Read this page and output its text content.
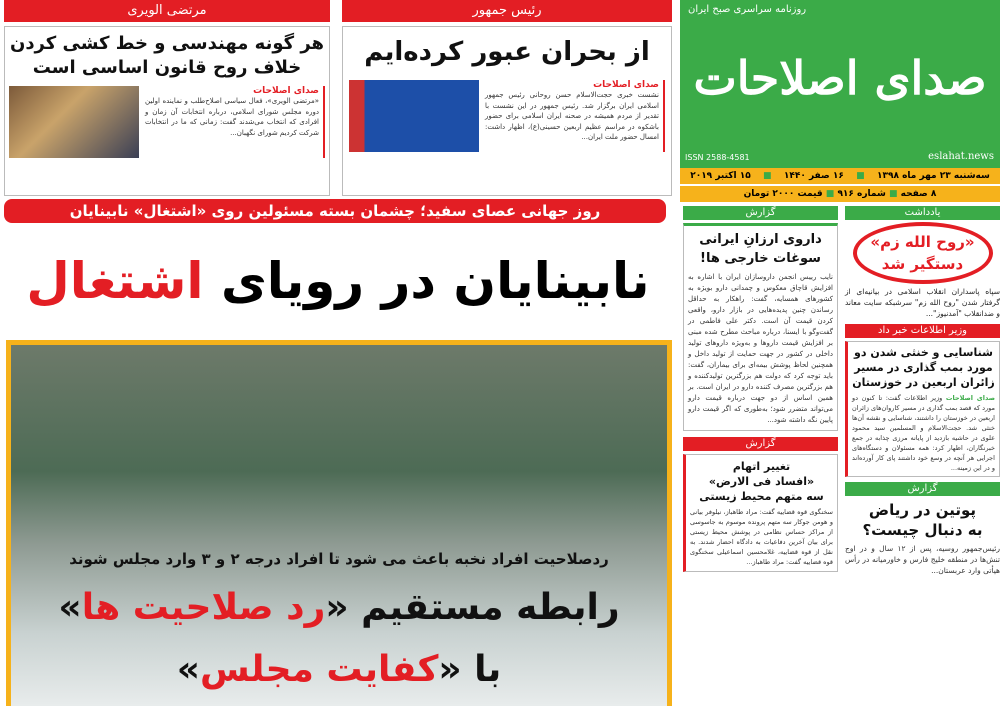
مرتضی الویری
هر گونه مهندسی و خط کشی کردن
خلاف روح قانون اساسی است
صدای اصلاحات
«مرتضی الویری»، فعال سیاسی اصلاح‌طلب و نماینده اولین دوره مجلس شورای اسلامی، درباره انتخابات آن زمان و افرادی که انتخاب می‌شدند گفت: زمانی که ما در انتخابات شرکت کردیم شورای نگهبان...
رئیس جمهور
از بحران عبور کرده‌ایم
صدای اصلاحات
نشست خبری حجت‌الاسلام حسن روحانی رئیس جمهور اسلامی ایران برگزار شد. رئیس جمهور در این نشست با تقدیر از مردم همیشه در صحنه ایران اسلامی برای حضور باشکوه در مراسم عظیم اربعین حسینی(ع)، اظهار داشت: امسال حضور ملت ایران...
روز جهانی عصای سفید؛ چشمان بسته مسئولین روی «اشتغال» نابینایان
نابینایان در رویای اشتغال
ردصلاحیت افراد نخبه باعث می شود تا افراد درجه ۲ و ۳ وارد مجلس شوند
رابطه مستقیم «رد صلاحیت ها»
با «کفایت مجلس»
روزنامه سراسری صبح ایران
صدای اصلاحات
ISSN 2588-4581	eslahat.news
سه‌شنبه ۲۳ مهر ماه ۱۳۹۸
■
۱۶ صفر ۱۴۴۰
■
۱۵ اکتبر ۲۰۱۹
۸ صفحه ■ شماره ۹۱۶ ■ قیمت ۲۰۰۰ تومان
گزارش
داروی ارزانِ ایرانی
سوغات خارجی ها!
نایب رییس انجمن داروسازان ایران با اشاره به افزایش قاچاق معکوس و چمدانی دارو بویژه به کشورهای همسایه، گفت: راهکار به حداقل رساندن چنین پدیده‌هایی در بازار دارو، واقعی کردن قیمت آن است. دکتر علی فاطمی در گفت‌وگو با ایسنا، درباره مباحث مطرح شده مبنی بر افزایش قیمت داروها و به‌ویژه داروهای تولید داخلی در کشور در جهت حمایت از تولید داخل و همچنین لحاظ پوشش بیمه‌ای برای بیماران، گفت: باید توجه کرد که دولت هم بزرگترین تولیدکننده و هم بزرگترین مصرف کننده دارو در ایران است. بر همین اساس از دو جهت درباره قیمت دارو می‌تواند متضرر شود؛ به‌طوری که اگر قیمت دارو پایین نگه داشته شود...
گزارش
تغییر اتهام
«افساد فی الارض»
سه متهم محیط زیستی
سخنگوی قوه قضاییه گفت: مراد طاهباز، نیلوفر بیانی و هومن جوکار سه متهم پرونده موسوم به جاسوسی از مراکز حساس نظامی در پوشش محیط زیستی برای بیان آخرین دفاعیات به دادگاه احضار شدند. به نقل از قوه قضاییه، غلامحسین اسماعیلی سخنگوی قوه قضاییه گفت: مراد طاهباز...
یادداشت
«روح الله زم»
دستگیر شد
سپاه پاسداران انقلاب اسلامی در بیانیه‌ای از گرفتار شدن "روح الله زم" سرشبکه سایت معاند و ضدانقلاب "آمدنیوز"...
وزیر اطلاعات خبر داد
شناسایی و خنثی شدن دو
مورد بمب گذاری در مسیر
زائران اربعین در خوزستان
صدای اصلاحات وزیر اطلاعات گفت: تا کنون دو مورد که قصد بمب گذاری در مسیر کاروان‌های زائران اربعین در خوزستان را داشتند، شناسایی و نقشه آن‌ها خنثی شد. حجت‌الاسلام و المسلمین سید محمود علوی در حاشیه بازدید از پایانه مرزی چذابه در جمع خبرنگاران، اظهار کرد: همه مسئولان و دستگاه‌های اجرایی هر آنچه در وسع خود داشتند پای کار آورده‌اند و در این زمینه...
گزارش
پوتین در ریاض
به دنبال چیست؟
رئیس‌جمهور روسیه، پس از ۱۲ سال و در اوج تنش‌ها در منطقه خلیج فارس و خاورمیانه در رأس هیأتی وارد عربستان...
